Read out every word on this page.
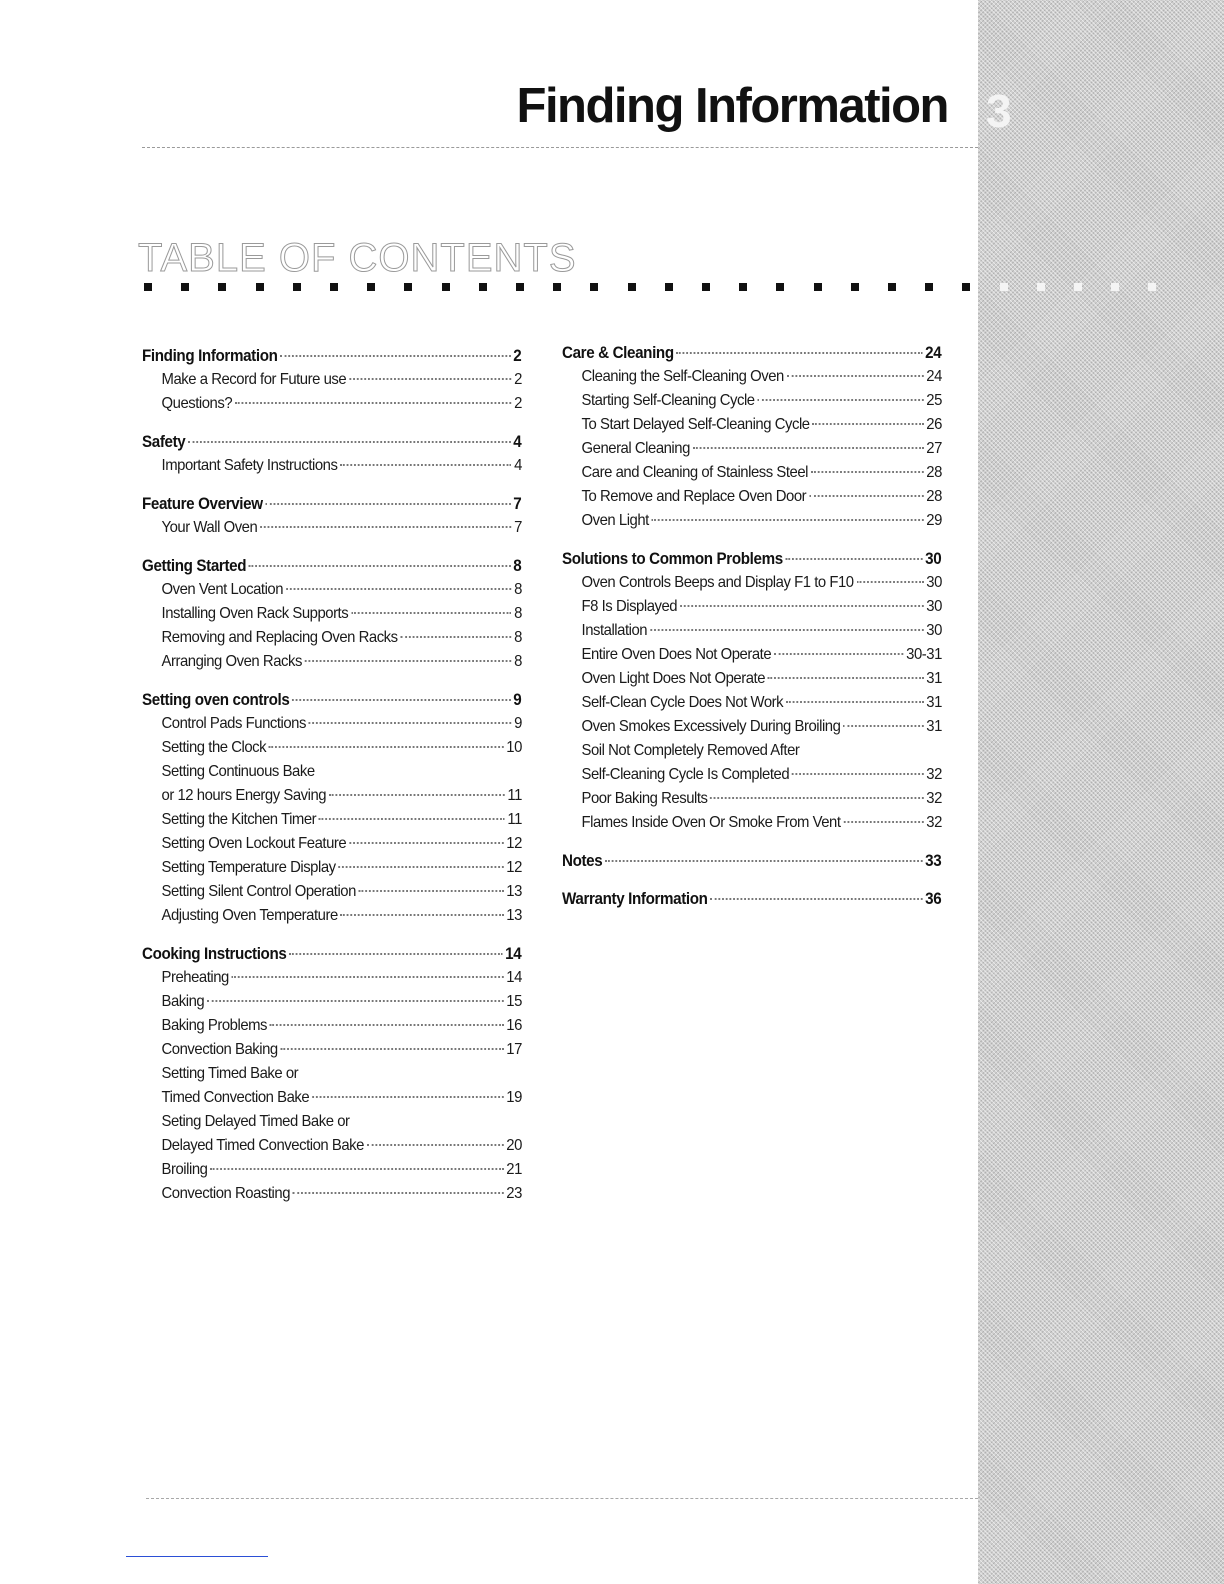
3
Finding Information
TABLE OF CONTENTS
Finding Information	2
Make a Record for Future use	2
Questions?	2
Safety	4
Important Safety Instructions	4
Feature Overview	7
Your Wall Oven	7
Getting Started	8
Oven Vent Location	8
Installing Oven Rack Supports	8
Removing and Replacing Oven Racks	8
Arranging Oven Racks	8
Setting oven controls	9
Control Pads Functions	9
Setting the Clock	10
Setting Continuous Bake
or 12 hours Energy Saving	11
Setting the Kitchen Timer	11
Setting Oven Lockout Feature	12
Setting Temperature Display	12
Setting Silent Control Operation	13
Adjusting Oven Temperature	13
Cooking Instructions	14
Preheating	14
Baking	15
Baking Problems	16
Convection Baking	17
Setting Timed Bake or
Timed Convection Bake	19
Seting Delayed Timed Bake or
Delayed Timed Convection Bake	20
Broiling	21
Convection Roasting	23
Care & Cleaning	24
Cleaning the Self-Cleaning Oven	24
Starting Self-Cleaning Cycle	25
To Start Delayed Self-Cleaning Cycle	26
General Cleaning	27
Care and Cleaning of Stainless Steel	28
To Remove and Replace Oven Door	28
Oven Light	29
Solutions to Common Problems	30
Oven Controls Beeps and Display F1 to F10	30
F8 Is Displayed	30
Installation	30
Entire Oven Does Not Operate	30-31
Oven Light Does Not Operate	31
Self-Clean Cycle Does Not Work	31
Oven Smokes Excessively During Broiling	31
Soil Not Completely Removed After
Self-Cleaning Cycle Is Completed	32
Poor Baking Results	32
Flames Inside Oven Or Smoke From Vent	32
Notes	33
Warranty Information	36
